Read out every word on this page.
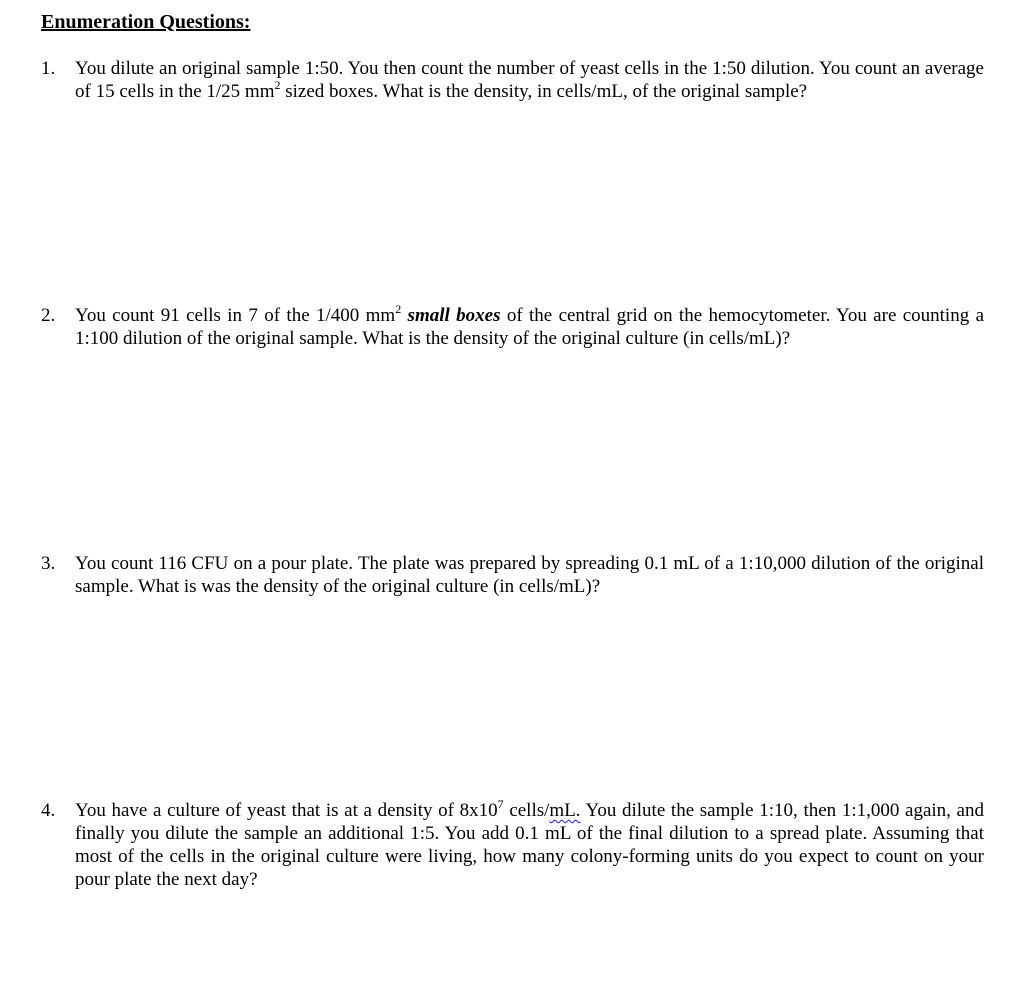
Enumeration Questions:
1.	You dilute an original sample 1:50. You then count the number of yeast cells in the 1:50 dilution. You count an average of 15 cells in the 1/25 $mm^2$ sized boxes. What is the density, in cells/mL, of the original sample?
2.	You count 91 cells in 7 of the 1/400 $mm^2$ small boxes of the central grid on the hemocytometer. You are counting a 1:100 dilution of the original sample. What is the density of the original culture (in cells/mL)?
3.	You count 116 CFU on a pour plate. The plate was prepared by spreading 0.1 mL of a 1:10,000 dilution of the original sample. What is was the density of the original culture (in cells/mL)?
4.	You have a culture of yeast that is at a density of $8x10^7$ cells/mL. You dilute the sample 1:10, then 1:1,000 again, and finally you dilute the sample an additional 1:5. You add 0.1 mL of the final dilution to a spread plate. Assuming that most of the cells in the original culture were living, how many colony-forming units do you expect to count on your pour plate the next day?
